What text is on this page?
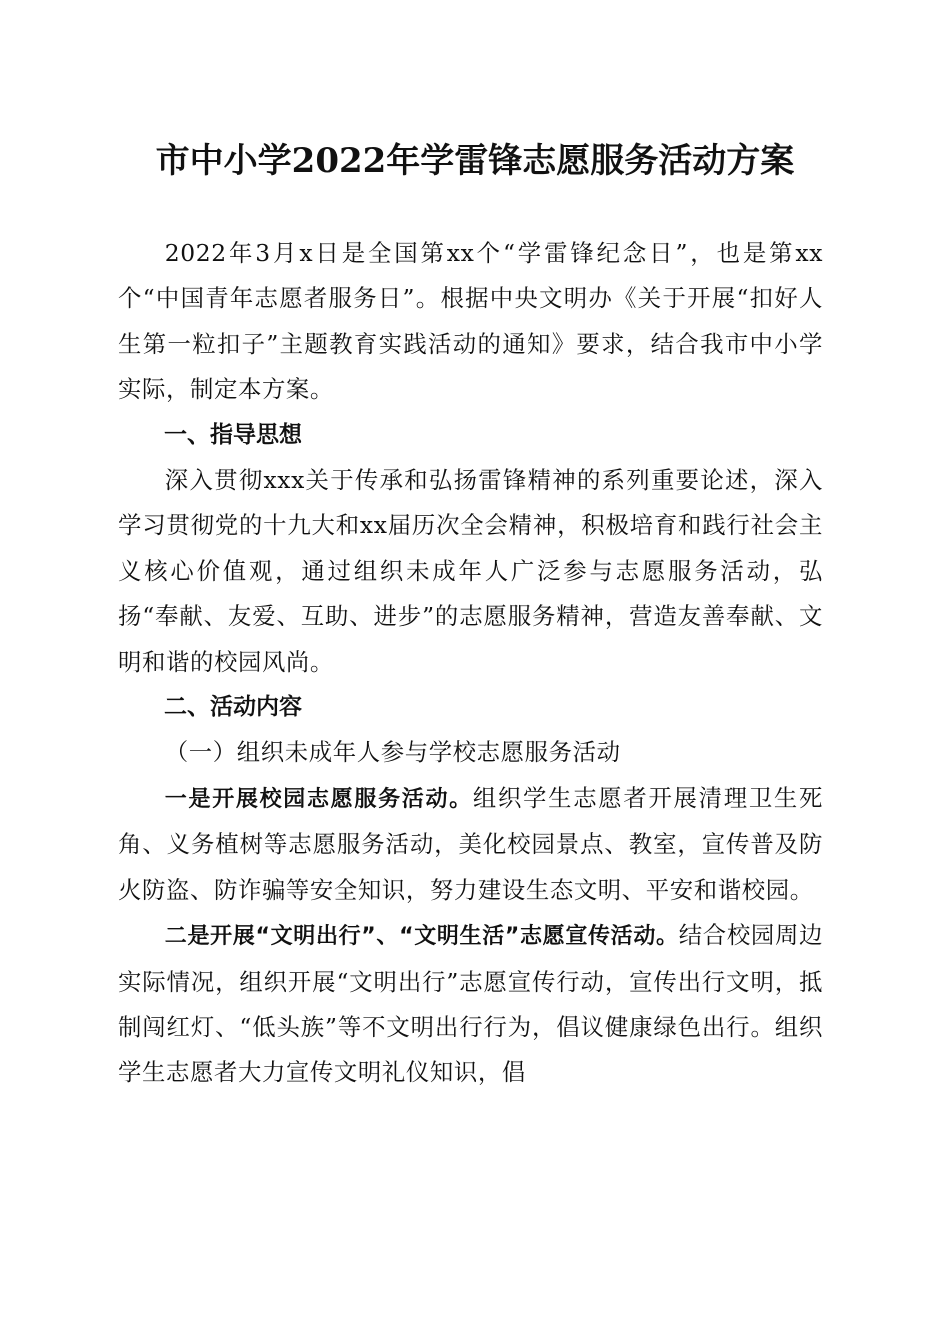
市中小学2022年学雷锋志愿服务活动方案

2022年3月x日是全国第xx个“学雷锋纪念日”，也是第xx个“中国青年志愿者服务日”。根据中央文明办《关于开展“扣好人生第一粒扣子”主题教育实践活动的通知》要求，结合我市中小学实际，制定本方案。

一、指导思想

深入贯彻xxx关于传承和弘扬雷锋精神的系列重要论述，深入学习贯彻党的十九大和xx届历次全会精神，积极培育和践行社会主义核心价值观，通过组织未成年人广泛参与志愿服务活动，弘扬“奉献、友爱、互助、进步”的志愿服务精神，营造友善奉献、文明和谐的校园风尚。

二、活动内容

（一）组织未成年人参与学校志愿服务活动

一是开展校园志愿服务活动。组织学生志愿者开展清理卫生死角、义务植树等志愿服务活动，美化校园景点、教室，宣传普及防火防盗、防诈骗等安全知识，努力建设生态文明、平安和谐校园。

二是开展“文明出行”、“文明生活”志愿宣传活动。结合校园周边实际情况，组织开展“文明出行”志愿宣传行动，宣传出行文明，抵制闯红灯、“低头族”等不文明出行行为，倡议健康绿色出行。组织学生志愿者大力宣传文明礼仪知识，倡
